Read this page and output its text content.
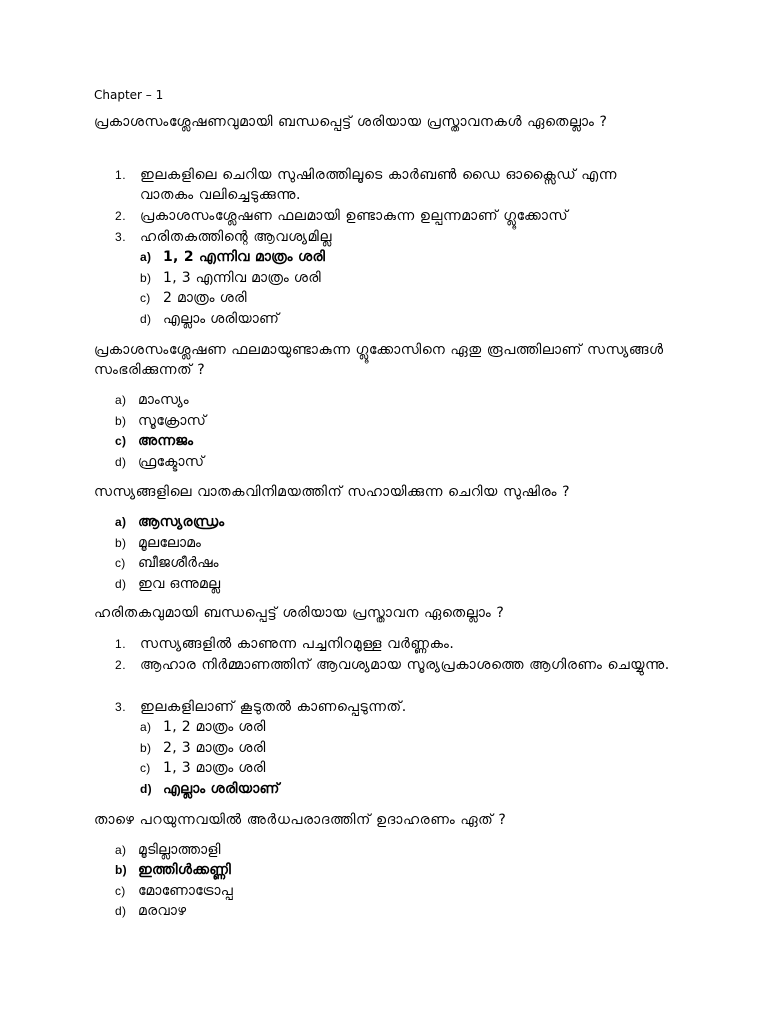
Chapter – 1
പ്രകാശസംശ്ലേഷണവുമായി ബന്ധപ്പെട്ട് ശരിയായ പ്രസ്താവനകൾ ഏതെല്ലാം ?
1. ഇലകളിലെ ചെറിയ സുഷിരത്തിലൂടെ കാർബൺ ഡൈ ഓക്സൈഡ് എന്ന വാതകം വലിച്ചെടുക്കുന്നു.
2. പ്രകാശസംശ്ലേഷണ ഫലമായി ഉണ്ടാകുന്ന ഉല്പന്നമാണ് ഗ്ലൂക്കോസ്
3. ഹരിതകത്തിന്റെ ആവശ്യമില്ല
a) 1, 2 എന്നിവ മാത്രം ശരി
b) 1, 3 എന്നിവ മാത്രം ശരി
c) 2 മാത്രം ശരി
d) എല്ലാം ശരിയാണ്
പ്രകാശസംശ്ലേഷണ ഫലമായുണ്ടാകുന്ന ഗ്ലൂക്കോസിനെ ഏതു രൂപത്തിലാണ് സസ്യങ്ങൾ സംഭരിക്കുന്നത് ?
a) മാംസ്യം
b) സൂക്രോസ്
c) അന്നജം
d) ഫ്രക്ടോസ്
സസ്യങ്ങളിലെ വാതകവിനിമയത്തിന് സഹായിക്കുന്ന ചെറിയ സുഷിരം ?
a) ആസ്യരന്ധ്രം
b) മൂലലോമം
c) ബീജശീർഷം
d) ഇവ ഒന്നുമല്ല
ഹരിതകവുമായി ബന്ധപ്പെട്ട് ശരിയായ പ്രസ്താവന ഏതെല്ലാം ?
1. സസ്യങ്ങളിൽ കാണുന്ന പച്ചനിറമുള്ള വർണ്ണകം.
2. ആഹാര നിർമ്മാണത്തിന് ആവശ്യമായ സൂര്യപ്രകാശത്തെ ആഗിരണം ചെയ്യുന്നു.
3. ഇലകളിലാണ് കൂടുതൽ കാണപ്പെടുന്നത്.
a) 1, 2 മാത്രം ശരി
b) 2, 3 മാത്രം ശരി
c) 1, 3 മാത്രം ശരി
d) എല്ലാം ശരിയാണ്
താഴെ പറയുന്നവയിൽ അർധപരാദത്തിന് ഉദാഹരണം ഏത് ?
a) മൂടില്ലാത്താളി
b) ഇത്തിൾക്കണ്ണി
c) മോണോട്രോപ്പ
d) മരവാഴ
